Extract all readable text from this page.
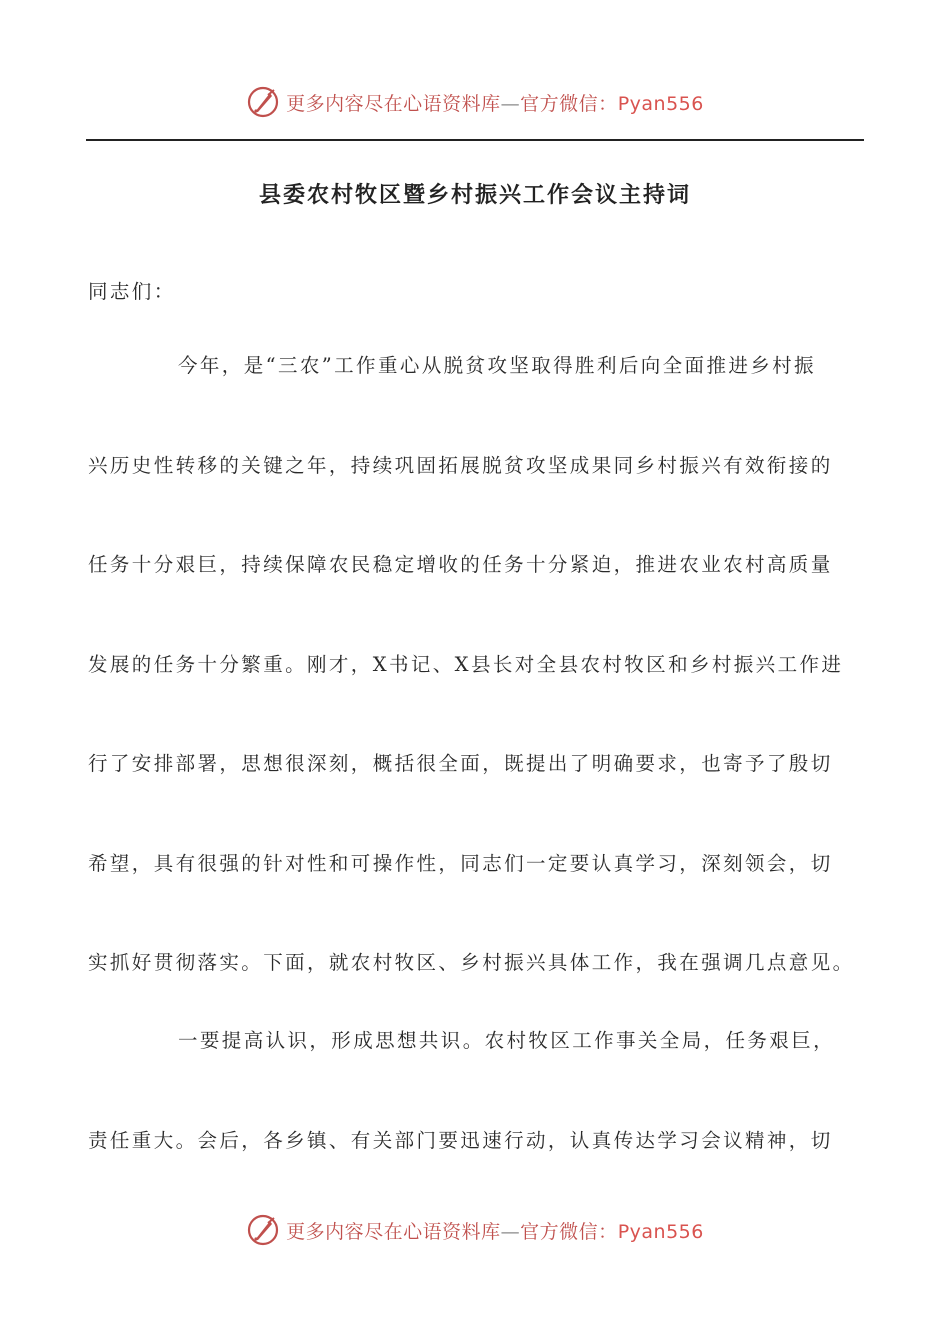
更多内容尽在心语资料库—官方微信：Pyan556
县委农村牧区暨乡村振兴工作会议主持词
同志们：
今年，是“三农”工作重心从脱贫攻坚取得胜利后向全面推进乡村振
兴历史性转移的关键之年，持续巩固拓展脱贫攻坚成果同乡村振兴有效衔接的
任务十分艰巨，持续保障农民稳定增收的任务十分紧迫，推进农业农村高质量
发展的任务十分繁重。刚才，X书记、X县长对全县农村牧区和乡村振兴工作进
行了安排部署，思想很深刻，概括很全面，既提出了明确要求，也寄予了殷切
希望，具有很强的针对性和可操作性，同志们一定要认真学习，深刻领会，切
实抓好贯彻落实。下面，就农村牧区、乡村振兴具体工作，我在强调几点意见。
一要提高认识，形成思想共识。农村牧区工作事关全局，任务艰巨，
责任重大。会后，各乡镇、有关部门要迅速行动，认真传达学习会议精神，切
更多内容尽在心语资料库—官方微信：Pyan556
